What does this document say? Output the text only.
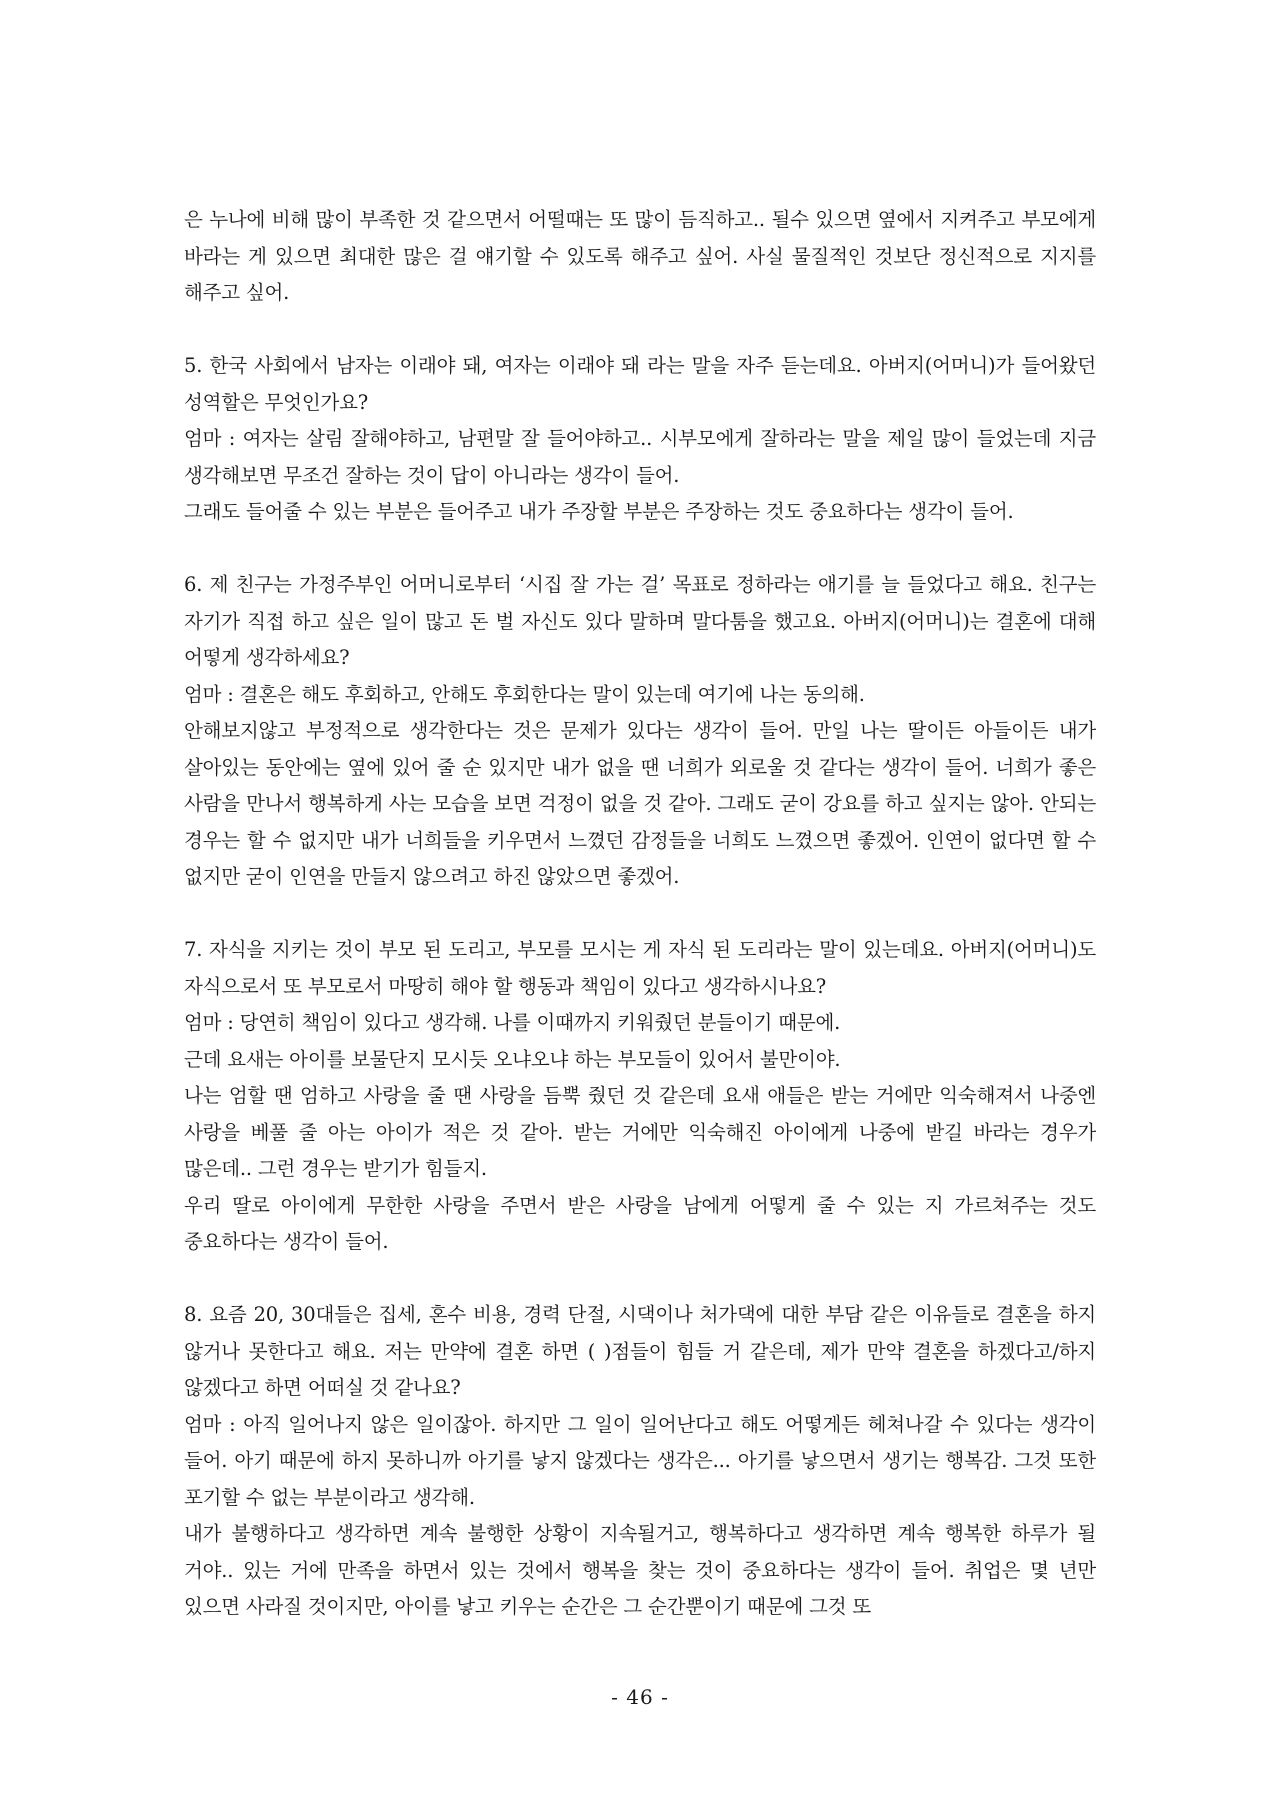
은 누나에 비해 많이 부족한 것 같으면서 어떨때는 또 많이 듬직하고.. 될수 있으면 옆에서 지켜주고 부모에게 바라는 게 있으면 최대한 많은 걸 얘기할 수 있도록 해주고 싶어. 사실 물질적인 것보단 정신적으로 지지를 해주고 싶어.

5. 한국 사회에서 남자는 이래야 돼, 여자는 이래야 돼 라는 말을 자주 듣는데요. 아버지(어머니)가 들어왔던 성역할은 무엇인가요?

엄마 : 여자는 살림 잘해야하고, 남편말 잘 들어야하고.. 시부모에게 잘하라는 말을 제일 많이 들었는데 지금 생각해보면 무조건 잘하는 것이 답이 아니라는 생각이 들어.

그래도 들어줄 수 있는 부분은 들어주고 내가 주장할 부분은 주장하는 것도 중요하다는 생각이 들어.

6. 제 친구는 가정주부인 어머니로부터 ‘시집 잘 가는 걸’ 목표로 정하라는 애기를 늘 들었다고 해요. 친구는 자기가 직접 하고 싶은 일이 많고 돈 벌 자신도 있다 말하며 말다툼을 했고요. 아버지(어머니)는 결혼에 대해 어떻게 생각하세요?

엄마 : 결혼은 해도 후회하고, 안해도 후회한다는 말이 있는데 여기에 나는 동의해.

안해보지않고 부정적으로 생각한다는 것은 문제가 있다는 생각이 들어. 만일 나는 딸이든 아들이든 내가 살아있는 동안에는 옆에 있어 줄 순 있지만 내가 없을 땐 너희가 외로울 것 같다는 생각이 들어. 너희가 좋은 사람을 만나서 행복하게 사는 모습을 보면 걱정이 없을 것 같아. 그래도 굳이 강요를 하고 싶지는 않아. 안되는 경우는 할 수 없지만 내가 너희들을 키우면서 느꼈던 감정들을 너희도 느꼈으면 좋겠어. 인연이 없다면 할 수 없지만 굳이 인연을 만들지 않으려고 하진 않았으면 좋겠어.

7. 자식을 지키는 것이 부모 된 도리고, 부모를 모시는 게 자식 된 도리라는 말이 있는데요. 아버지(어머니)도 자식으로서 또 부모로서 마땅히 해야 할 행동과 책임이 있다고 생각하시나요?

엄마 : 당연히 책임이 있다고 생각해. 나를 이때까지 키워줬던 분들이기 때문에.

근데 요새는 아이를 보물단지 모시듯 오냐오냐 하는 부모들이 있어서 불만이야.

나는 엄할 땐 엄하고 사랑을 줄 땐 사랑을 듬뿍 줬던 것 같은데 요새 애들은 받는 거에만 익숙해져서 나중엔 사랑을 베풀 줄 아는 아이가 적은 것 같아. 받는 거에만 익숙해진 아이에게 나중에 받길 바라는 경우가 많은데.. 그런 경우는 받기가 힘들지.

우리 딸로 아이에게 무한한 사랑을 주면서 받은 사랑을 남에게 어떻게 줄 수 있는 지 가르쳐주는 것도 중요하다는 생각이 들어.

8. 요즘 20, 30대들은 집세, 혼수 비용, 경력 단절, 시댁이나 처가댁에 대한 부담 같은 이유들로 결혼을 하지 않거나 못한다고 해요. 저는 만약에 결혼 하면 ( )점들이 힘들 거 같은데, 제가 만약 결혼을 하겠다고/하지 않겠다고 하면 어떠실 것 같나요?

엄마 : 아직 일어나지 않은 일이잖아. 하지만 그 일이 일어난다고 해도 어떻게든 헤쳐나갈 수 있다는 생각이 들어. 아기 때문에 하지 못하니까 아기를 낳지 않겠다는 생각은... 아기를 낳으면서 생기는 행복감. 그것 또한 포기할 수 없는 부분이라고 생각해.

내가 불행하다고 생각하면 계속 불행한 상황이 지속될거고, 행복하다고 생각하면 계속 행복한 하루가 될 거야.. 있는 거에 만족을 하면서 있는 것에서 행복을 찾는 것이 중요하다는 생각이 들어. 취업은 몇 년만 있으면 사라질 것이지만, 아이를 낳고 키우는 순간은 그 순간뿐이기 때문에 그것 또

- 46 -
